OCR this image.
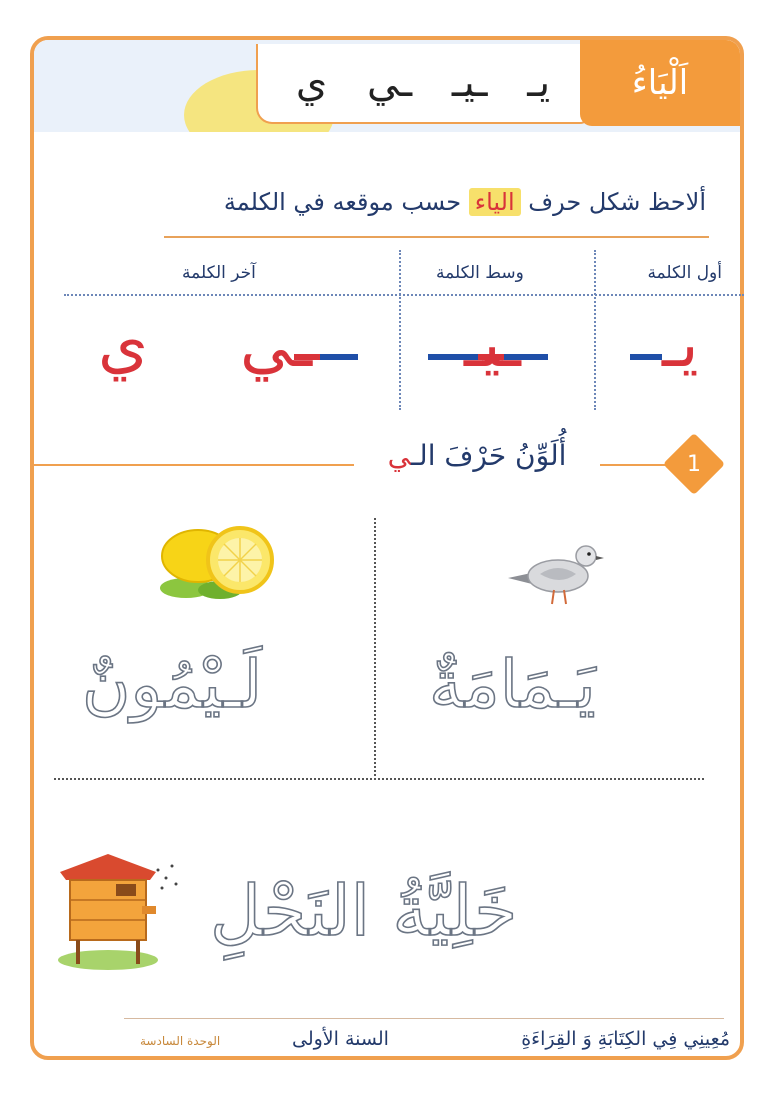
يـ
ـيـ
ـي
ي	اَلْيَاءُ
ألاحظ شكل حرف الياء حسب موقعه في الكلمة
أول الكلمة
وسط الكلمة
آخر الكلمة
يـ
ـيـ
ـي
ي
1
أُلَوِّنُ حَرْفَ الـي
يَـمَامَةٌ
لَـيْمُونٌ
خَلِيَّةُ النَحْلِ
مُعِينِي فِي الكِتَابَةِ وَ القِرَاءَةِ
السنة الأولى
الوحدة السادسة
